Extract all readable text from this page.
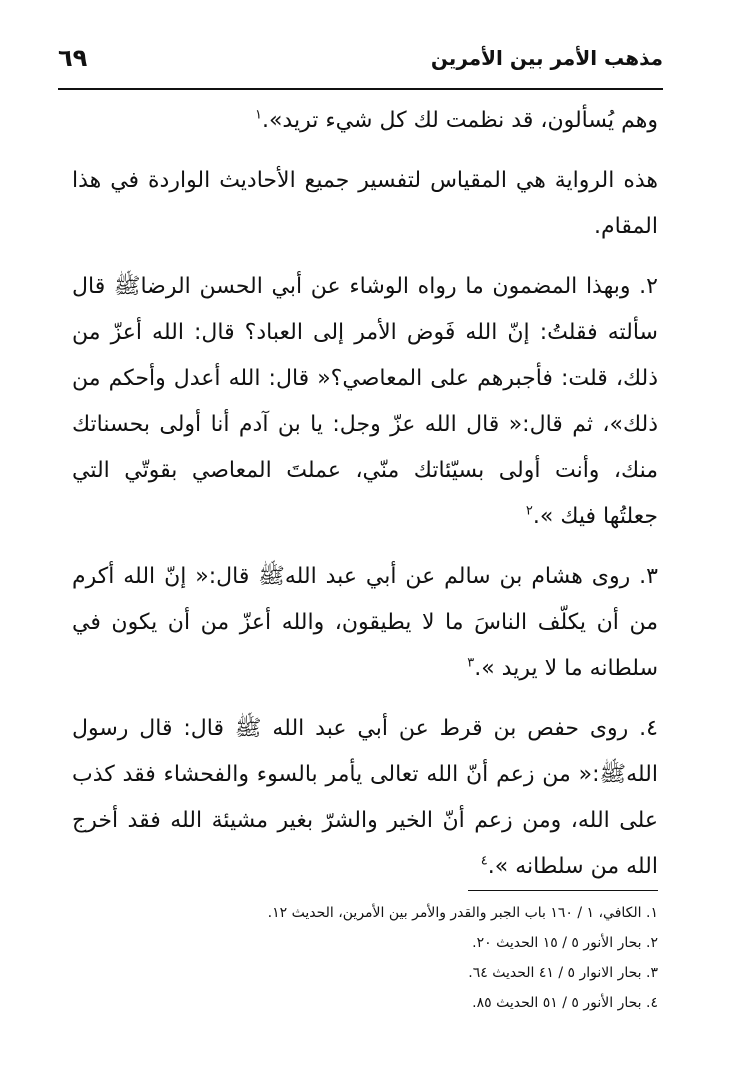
مذهب الأمر بين الأمرين
٦٩

وهم يُسألون، قد نظمت لك كل شيء تريد».$^١$

هذه الرواية هي المقياس لتفسير جميع الأحاديث الواردة في هذا المقام.

٢. وبهذا المضمون ما رواه الوشاء عن أبي الحسن الرضاﷺ قال سألته فقلتُ: إنّ الله فَوض الأمر إلى العباد؟ قال: الله أعزّ من ذلك، قلت: فأجبرهم على المعاصي؟« قال: الله أعدل وأحكم من ذلك»، ثم قال:« قال الله عزّ وجل: يا بن آدم أنا أولى بحسناتك منك، وأنت أولى بسيّئاتك منّي، عملتَ المعاصي بقوتّي التي جعلتُها فيك ».$^٢$

٣. روى هشام بن سالم عن أبي عبد اللهﷺ قال:« إنّ الله أكرم من أن يكلّف الناسَ ما لا يطيقون، والله أعزّ من أن يكون في سلطانه ما لا يريد ».$^٣$

٤. روى حفص بن قرط عن أبي عبد الله ﷺ قال: قال رسول اللهﷺ:« من زعم أنّ الله تعالى يأمر بالسوء والفحشاء فقد كذب على الله، ومن زعم أنّ الخير والشرّ بغير مشيئة الله فقد أخرج الله من سلطانه ».$^٤$

١. الكافي، ١ / ١٦٠ باب الجبر والقدر والأمر بين الأمرين، الحديث ١٢.

٢. بحار الأنور ٥ / ١٥ الحديث ٢٠.

٣. بحار الانوار ٥ / ٤١ الحديث ٦٤.

٤. بحار الأنور ٥ / ٥١ الحديث ٨٥.
